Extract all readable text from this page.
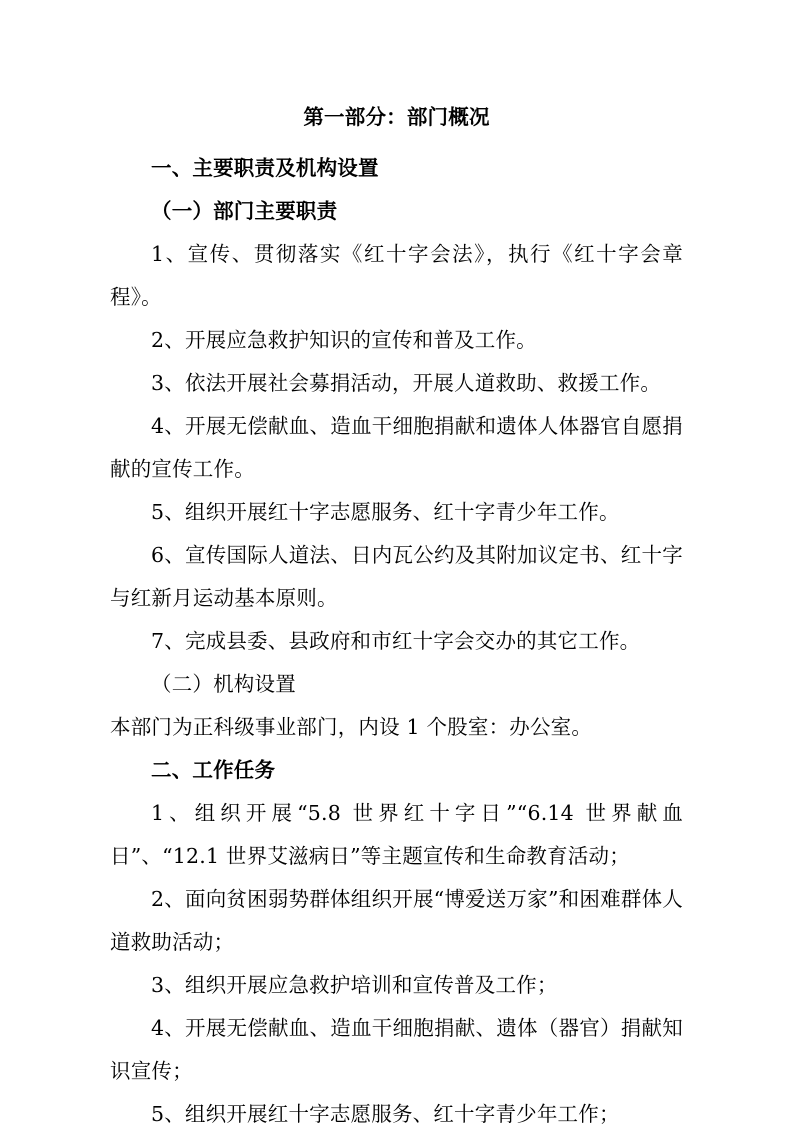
第一部分：部门概况

一、主要职责及机构设置

（一）部门主要职责

1、宣传、贯彻落实《红十字会法》，执行《红十字会章程》。

2、开展应急救护知识的宣传和普及工作。

3、依法开展社会募捐活动，开展人道救助、救援工作。

4、开展无偿献血、造血干细胞捐献和遗体人体器官自愿捐献的宣传工作。

5、组织开展红十字志愿服务、红十字青少年工作。

6、宣传国际人道法、日内瓦公约及其附加议定书、红十字与红新月运动基本原则。

7、完成县委、县政府和市红十字会交办的其它工作。

（二）机构设置

本部门为正科级事业部门，内设 1 个股室：办公室。

二、工作任务

1、组织开展“5.8 世界红十字日”“6.14 世界献血日”、“12.1 世界艾滋病日”等主题宣传和生命教育活动；

2、面向贫困弱势群体组织开展“博爱送万家”和困难群体人道救助活动；

3、组织开展应急救护培训和宣传普及工作；

4、开展无偿献血、造血干细胞捐献、遗体（器官）捐献知识宣传；

5、组织开展红十字志愿服务、红十字青少年工作；
